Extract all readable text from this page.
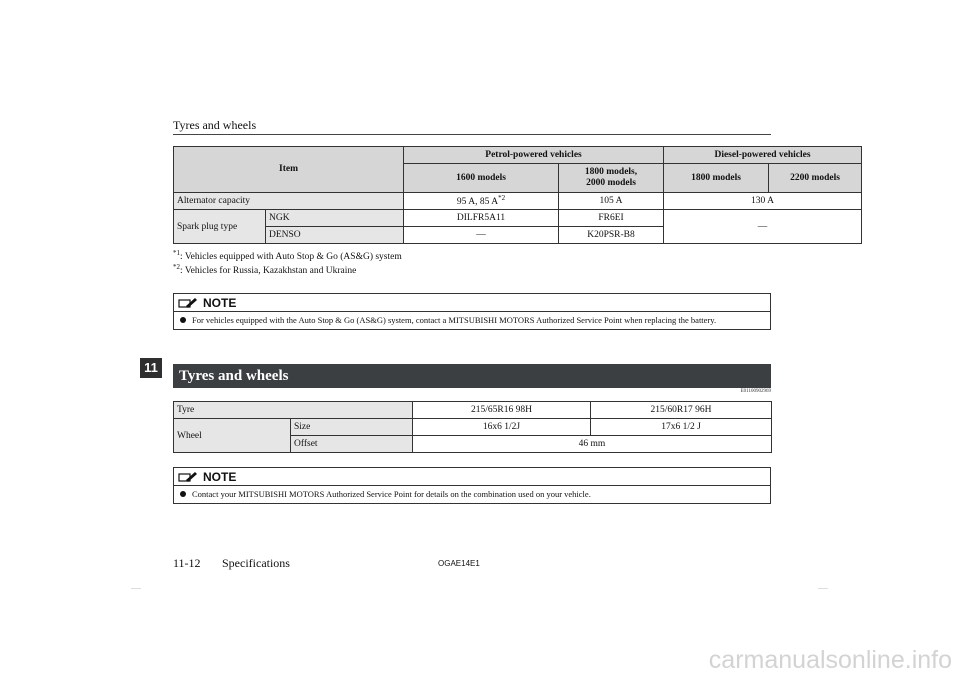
Tyres and wheels
Item		Petrol-powered vehicles		Diesel-powered vehicles	
		1600 models	1800 models,
2000 models	1800 models	2200 models
Alternator capacity		95 A, 85 $A^{*2}$	105 A	130 A	
Spark plug type	NGK	DILFR5A11	FR6EI	—	
	DENSO	—	K20PSR-B8		
$^{*1}$: Vehicles equipped with Auto Stop & Go (AS&G) system
$^{*2}$: Vehicles for Russia, Kazakhstan and Ukraine
NOTE
For vehicles equipped with the Auto Stop & Go (AS&G) system, contact a MITSUBISHI MOTORS Authorized Service Point when replacing the battery.
11
Tyres and wheels
E01100902969
Tyre		215/65R16 98H	215/60R17 96H
Wheel	Size	16x6 1/2J	17x6 1/2 J
	Offset	46 mm	
NOTE
Contact your MITSUBISHI MOTORS Authorized Service Point for details on the combination used on your vehicle.
11-12 Specifications	OGAE14E1
carmanualsonline.info
